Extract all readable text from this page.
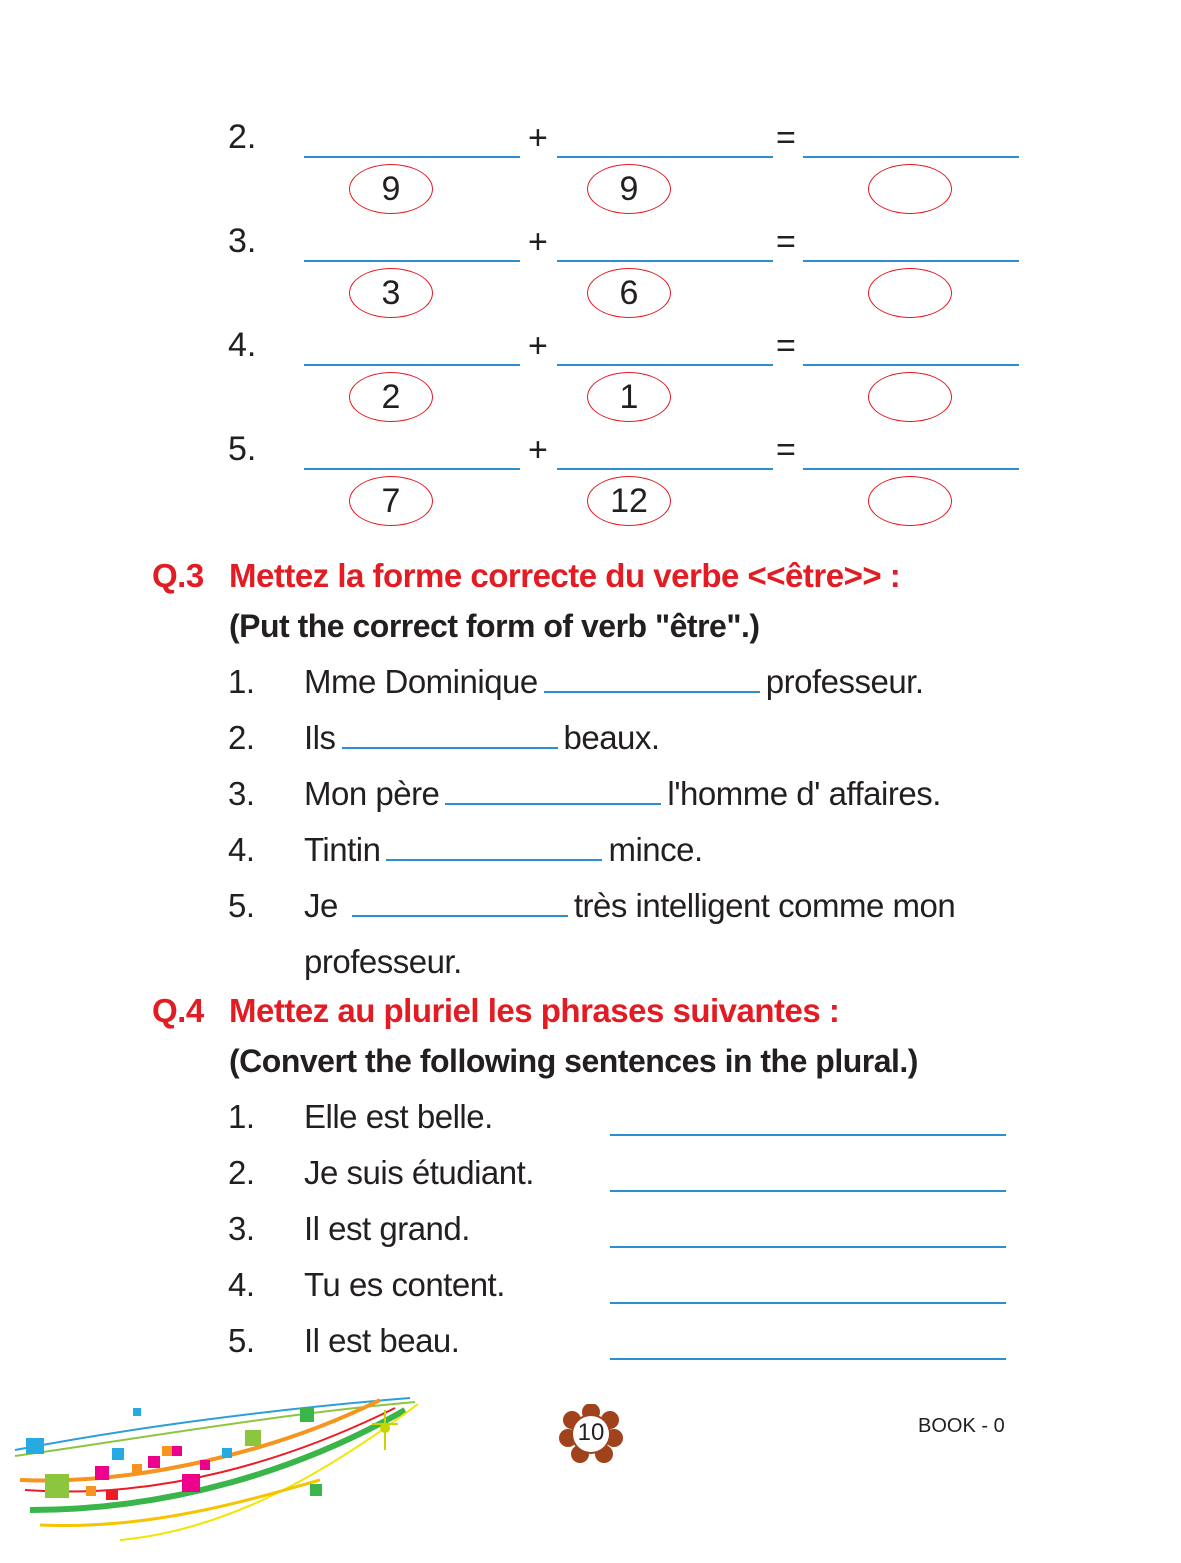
2.	+	=
9	9
3.	+	=
3	6
4.	+	=
2	1
5.	+	=
7	12
Q.3 Mettez la forme correcte du verbe <<être>> :
(Put the correct form of verb "être".)
1. Mme Dominique	professeur.
2. Ils	beaux.
3. Mon père	l'homme d' affaires.
4. Tintin	mince.
5. Je	très intelligent comme mon
professeur.
Q.4 Mettez au pluriel les phrases suivantes :
(Convert the following sentences in the plural.)
1. Elle est belle.
2. Je suis étudiant.
3. Il est grand.
4. Tu es content.
5. Il est beau.
10	BOOK - 0
